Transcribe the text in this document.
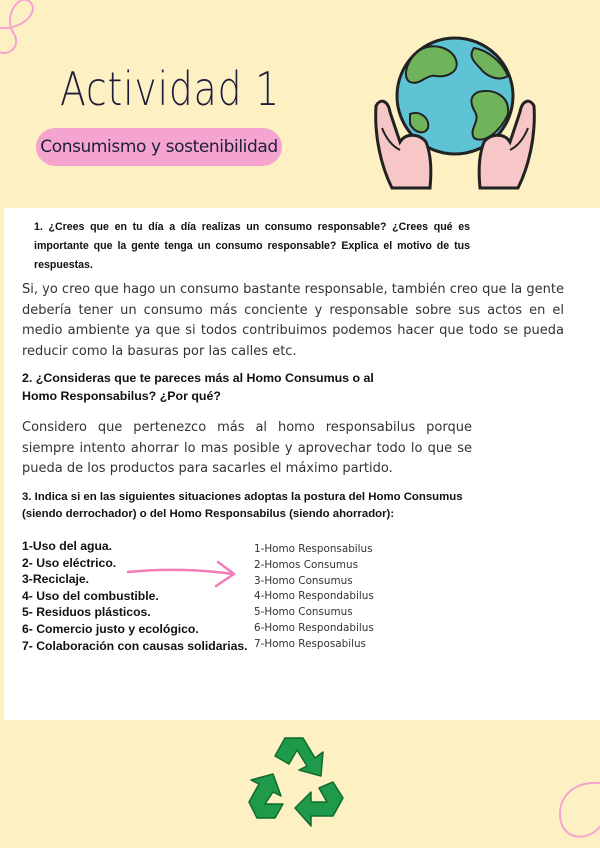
Actividad 1
Consumismo y sostenibilidad
1. ¿Crees que en tu día a día realizas un consumo responsable? ¿Crees qué es importante que la gente tenga un consumo responsable? Explica el motivo de tus respuestas.
Si, yo creo que hago un consumo bastante responsable, también creo que la gente debería tener un consumo más conciente y responsable sobre sus actos en el medio ambiente ya que si todos contribuimos podemos hacer que todo se pueda reducir como la basuras por las calles etc.
2. ¿Consideras que te pareces más al Homo Consumus o al
Homo Responsabilus? ¿Por qué?
Considero que pertenezco más al homo responsabilus porque siempre intento ahorrar lo mas posible y aprovechar todo lo que se pueda de los productos para sacarles el máximo partido.
3. Indica si en las siguientes situaciones adoptas la postura del Homo Consumus
(siendo derrochador) o del Homo Responsabilus (siendo ahorrador):
1-Uso del agua.
2- Uso eléctrico.
3-Reciclaje.
4- Uso del combustible.
5- Residuos plásticos.
6- Comercio justo y ecológico.
7- Colaboración con causas solidarias.
1-Homo Responsabilus
2-Homos Consumus
3-Homo Consumus
4-Homo Respondabilus
5-Homo Consumus
6-Homo Respondabilus
7-Homo Resposabilus
